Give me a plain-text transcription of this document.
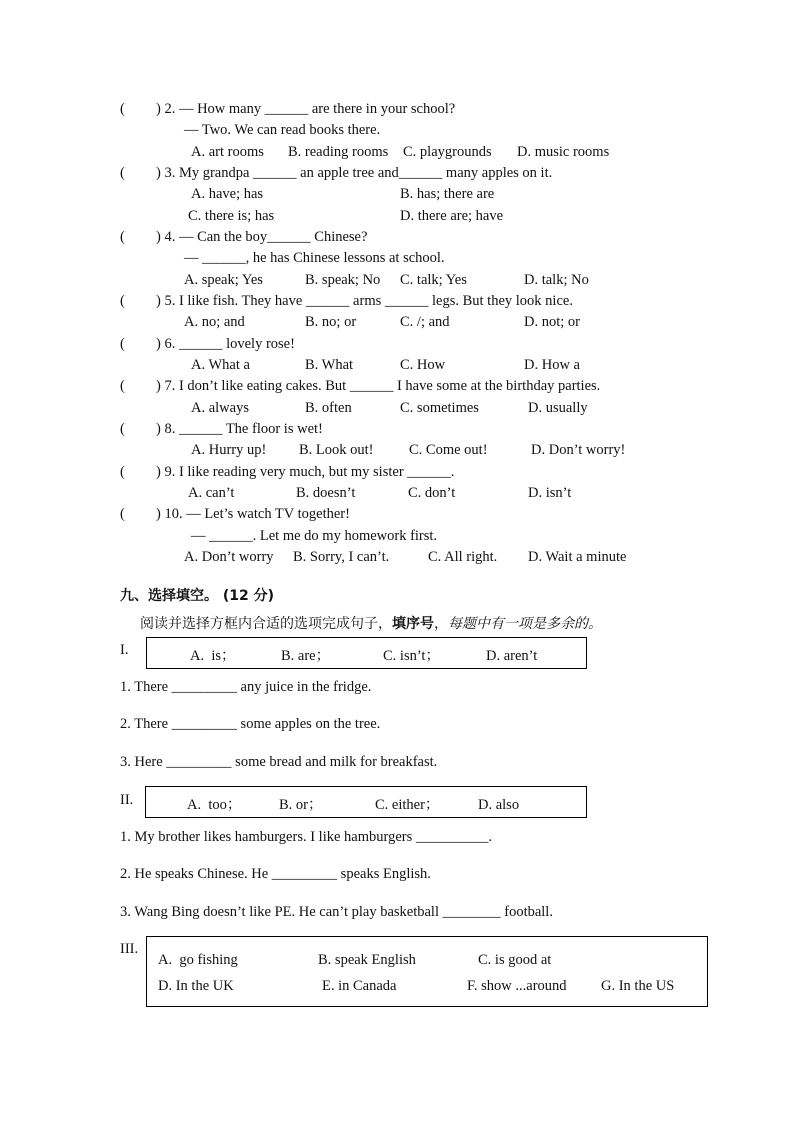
( ) 2. — How many ______ are there in your school?
— Two. We can read books there.
A. art rooms B. reading rooms C. playgrounds D. music rooms
( ) 3. My grandpa ______ an apple tree and______ many apples on it.
A. have; has	B. has; there are
C. there is; has	D. there are; have
( ) 4. — Can the boy______ Chinese?
— ______, he has Chinese lessons at school.
A. speak; Yes	B. speak; No C. talk; Yes	D. talk; No
( ) 5. I like fish. They have ______ arms ______ legs. But they look nice.
A. no; and	B. no; or	C. /; and	D. not; or
( ) 6. ______ lovely rose!
A. What a	B. What	C. How	D. How a
( ) 7. I don’t like eating cakes. But ______ I have some at the birthday parties.
A. always	B. often	C. sometimes	D. usually
( ) 8. ______ The floor is wet!
A. Hurry up! B. Look out! C. Come out!	D. Don’t worry!
( ) 9. I like reading very much, but my sister ______.
A. can’t	B. doesn’t	C. don’t	D. isn’t
( ) 10. — Let’s watch TV together!
— ______. Let me do my homework first.
A. Don’t worry B. Sorry, I can’t.	C. All right. D. Wait a minute
九、选择填空。 (12 分)
阅读并选择方框内合适的选项完成句子，填序号，每题中有一项是多余的。
I.	A.  is；	B. are；	C. isn’t；	D. aren’t
1. There _________ any juice in the fridge.
2. There _________ some apples on the tree.
3. Here _________ some bread and milk for breakfast.
II.	A.  too；	B. or；	C. either；	D. also
1. My brother likes hamburgers. I like hamburgers __________.
2. He speaks Chinese. He _________ speaks English.
3. Wang Bing doesn’t like PE. He can’t play basketball ________ football.
III.
A.  go fishing	B. speak English	C. is good at
D. In the UK	E. in Canada	F. show ...around G. In the US
